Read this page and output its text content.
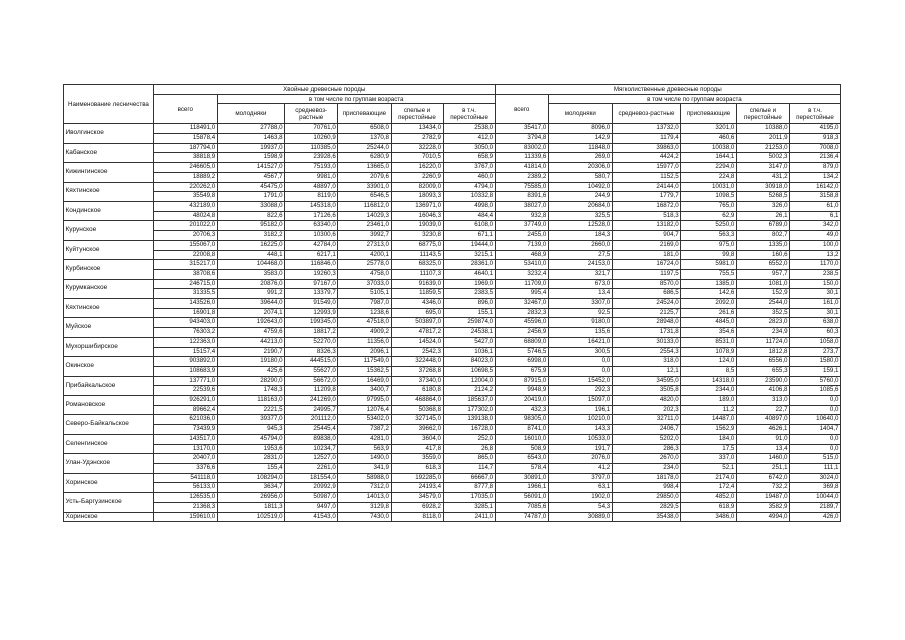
Наименование лесничества	Хвойные древесные породы						Мягколиственные древесные породы					
	всего	в том числе по группам возраста					всего	в том числе по группам возраста				
		молодняки	средневоз-растные	приспевающие	спелые и перестойные	в т.ч. перестойные		молодняки	средневоз-растные	приспевающие	спелые и перестойные	в т.ч. перестойные
Иволгинское	118491,0	27788,0	70761,0	6508,0	13434,0	2538,0	35417,0	8096,0	13732,0	3201,0	10388,0	4195,0
	15878,4	1463,8	10260,9	1370,8	2782,9	412,0	3794,8	142,9	1179,4	460,6	2011,9	918,3
Кабанское	187794,0	19937,0	110385,0	25244,0	32228,0	3050,0	83002,0	11848,0	39863,0	10038,0	21253,0	7008,0
	38818,9	1598,9	23928,6	6280,9	7010,5	658,9	11339,6	269,0	4424,2	1644,1	5002,3	2136,4
Кижингинское	246605,0	141527,0	75193,0	13665,0	16220,0	3767,0	41814,0	20306,0	15977,0	2294,0	3147,0	879,0
	18889,2	4567,7	9981,0	2079,6	2260,9	460,0	2389,2	580,7	1152,5	224,8	431,2	134,2
Кяхтинское	220262,0	45475,0	48897,0	33901,0	82009,0	4794,0	75585,0	10492,0	24144,0	10031,0	30918,0	16142,0
	35549,8	1791,0	8119,0	6546,5	18093,3	10332,8	8391,6	244,9	1779,7	1098,5	5268,5	3158,8
Кондинское	432189,0	33088,0	145318,0	116812,0	136971,0	4998,0	38027,0	20684,0	16872,0	765,0	326,0	61,0
	48024,8	822,6	17126,6	14029,3	16046,3	484,4	932,8	325,5	518,3	62,9	26,1	6,1
Курунское	201022,0	95182,0	63340,0	23461,0	19039,0	6108,0	37749,0	12528,0	13182,0	5250,0	6789,0	342,0
	20706,3	3182,2	10300,6	3992,7	3230,8	671,1	2455,0	184,3	904,7	563,3	802,7	49,0
Куйтунское	155067,0	16225,0	42784,0	27313,0	68775,0	19444,0	7139,0	2660,0	2169,0	975,0	1335,0	100,0
	22008,8	448,1	6217,1	4200,1	11143,5	3215,1	468,9	27,5	181,0	99,8	160,6	13,2
Курбинское	315217,0	104468,0	116846,0	25778,0	68325,0	28361,0	53410,0	24153,0	16724,0	5981,0	6552,0	1170,0
	38708,6	3583,0	19260,3	4758,0	11107,3	4640,1	3232,4	321,7	1197,5	755,5	957,7	238,5
Курумканское	246715,0	20876,0	97167,0	37033,0	91639,0	1969,0	11709,0	673,0	8570,0	1385,0	1081,0	150,0
	31335,5	991,2	13379,7	5105,1	11859,5	2383,5	995,4	13,4	686,5	142,6	152,9	30,1
Кяхтинское	143526,0	39644,0	91549,0	7987,0	4346,0	896,0	32467,0	3307,0	24524,0	2092,0	2544,0	161,0
	16901,8	2074,1	12993,9	1238,6	695,0	155,1	2832,3	92,5	2125,7	261,6	352,5	30,1
Муйское	943403,0	192643,0	199345,0	47518,0	503897,0	259874,0	45596,0	9180,0	28948,0	4845,0	2823,0	638,0
	76303,2	4759,6	18817,2	4909,2	47817,2	24538,1	2456,9	135,6	1731,8	354,6	234,9	60,3
Мухоршибирское	122363,0	44213,0	52270,0	11356,0	14524,0	5427,0	68809,0	16421,0	30133,0	8531,0	11724,0	1058,0
	15157,4	2190,7	8326,3	2096,1	2542,3	1036,1	5746,5	300,5	2554,3	1078,9	1812,8	273,7
Окинское	903892,0	19180,0	444515,0	117549,0	322448,0	84023,0	6998,0	0,0	318,0	124,0	6556,0	1580,0
	108683,9	425,6	55627,0	15362,5	37268,8	10698,5	675,9	0,0	12,1	8,5	655,3	159,1
Прибайкальское	137771,0	28290,0	56672,0	16469,0	37340,0	12004,0	87915,0	15452,0	34595,0	14318,0	23590,0	5760,0
	22539,6	1748,3	11209,8	3400,7	6180,8	2124,2	9948,9	292,3	3505,8	2344,0	4106,8	1085,6
Романовское	926291,0	118163,0	241269,0	97995,0	468864,0	185637,0	20419,0	15097,0	4820,0	189,0	313,0	0,0
	89662,4	2221,5	24995,7	12076,4	50368,8	177302,0	432,3	196,1	202,3	11,2	22,7	0,0
Северо-Байкальское	621036,0	39377,0	201112,0	53402,0	327145,0	139138,0	98305,0	10210,0	32711,0	14487,0	40897,0	10640,0
	73439,9	945,3	25445,4	7387,2	39662,0	16728,0	8741,0	143,3	2406,7	1562,9	4626,1	1404,7
Селенгинское	143517,0	45794,0	89838,0	4281,0	3604,0	252,0	16010,0	10533,0	5202,0	184,0	91,0	0,0
	13170,0	1953,6	10234,7	563,9	417,8	26,8	508,9	191,7	286,3	17,5	13,4	0,0
Улан-Удэнское	20407,0	2831,0	12527,0	1490,0	3559,0	865,0	6543,0	2076,0	2670,0	337,0	1460,0	515,0
	3376,6	155,4	2261,0	341,9	618,3	114,7	578,4	41,2	234,0	52,1	251,1	111,1
Хоринское	541118,0	108294,0	181554,0	58988,0	192285,0	66667,0	30891,0	3797,0	18178,0	2174,0	6742,0	3024,0
	56133,0	3634,7	20992,9	7312,0	24193,4	8777,8	1966,1	63,1	998,4	172,4	732,2	369,8
Усть-Баргузинское	126535,0	26956,0	50987,0	14013,0	34579,0	17035,0	56091,0	1902,0	29850,0	4852,0	19487,0	10044,0
	21368,3	1811,3	9497,0	3129,8	6928,2	3285,1	7085,6	54,3	2829,5	618,9	3582,9	2189,7
Хоринское	159610,0	102519,0	41543,0	7430,0	8118,0	2411,0	74787,0	30889,0	35438,0	3486,0	4994,0	426,0
